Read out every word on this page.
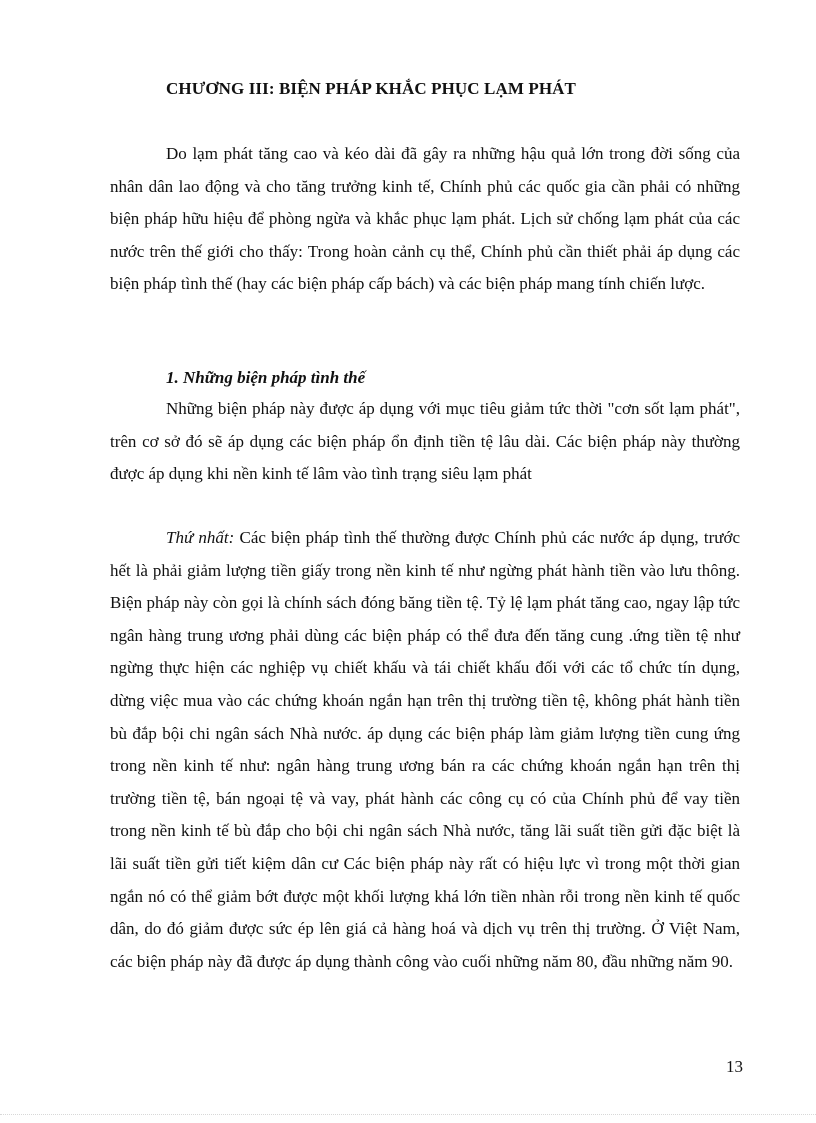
CHƯƠNG III: BIỆN PHÁP KHẮC PHỤC LẠM PHÁT

Do lạm phát tăng cao và kéo dài đã gây ra những hậu quả lớn trong đời sống của nhân dân lao động và cho tăng trưởng kinh tế, Chính phủ các quốc gia cần phải có những biện pháp hữu hiệu để phòng ngừa và khắc phục lạm phát. Lịch sử chống lạm phát của các nước trên thế giới cho thấy: Trong hoàn cảnh cụ thể, Chính phủ cần thiết phải áp dụng các biện pháp tình thế (hay các biện pháp cấp bách) và các biện pháp mang tính chiến lược.

1. Những biện pháp tình thế

Những biện pháp này được áp dụng với mục tiêu giảm tức thời "cơn sốt lạm phát", trên cơ sở đó sẽ áp dụng các biện pháp ổn định tiền tệ lâu dài. Các biện pháp này thường được áp dụng khi nền kinh tế lâm vào tình trạng siêu lạm phát

Thứ nhất: Các biện pháp tình thế thường được Chính phủ các nước áp dụng, trước hết là phải giảm lượng tiền giấy trong nền kinh tế như ngừng phát hành tiền vào lưu thông. Biện pháp này còn gọi là chính sách đóng băng tiền tệ. Tỷ lệ lạm phát tăng cao, ngay lập tức ngân hàng trung ương phải dùng các biện pháp có thể đưa đến tăng cung .ứng tiền tệ như ngừng thực hiện các nghiệp vụ chiết khấu và tái chiết khấu đối với các tổ chức tín dụng, dừng việc mua vào các chứng khoán ngắn hạn trên thị trường tiền tệ, không phát hành tiền bù đắp bội chi ngân sách Nhà nước. áp dụng các biện pháp làm giảm lượng tiền cung ứng trong nền kinh tế như: ngân hàng trung ương bán ra các chứng khoán ngắn hạn trên thị trường tiền tệ, bán ngoại tệ và vay, phát hành các công cụ có của Chính phủ để vay tiền trong nền kinh tế bù đắp cho bội chi ngân sách Nhà nước, tăng lãi suất tiền gửi đặc biệt là lãi suất tiền gửi tiết kiệm dân cư Các biện pháp này rất có hiệu lực vì trong một thời gian ngắn nó có thể giảm bớt được một khối lượng khá lớn tiền nhàn rỗi trong nền kinh tế quốc dân, do đó giảm được sức ép lên giá cả hàng hoá và dịch vụ trên thị trường. Ở Việt Nam, các biện pháp này đã được áp dụng thành công vào cuối những năm 80, đầu những năm 90.

13
